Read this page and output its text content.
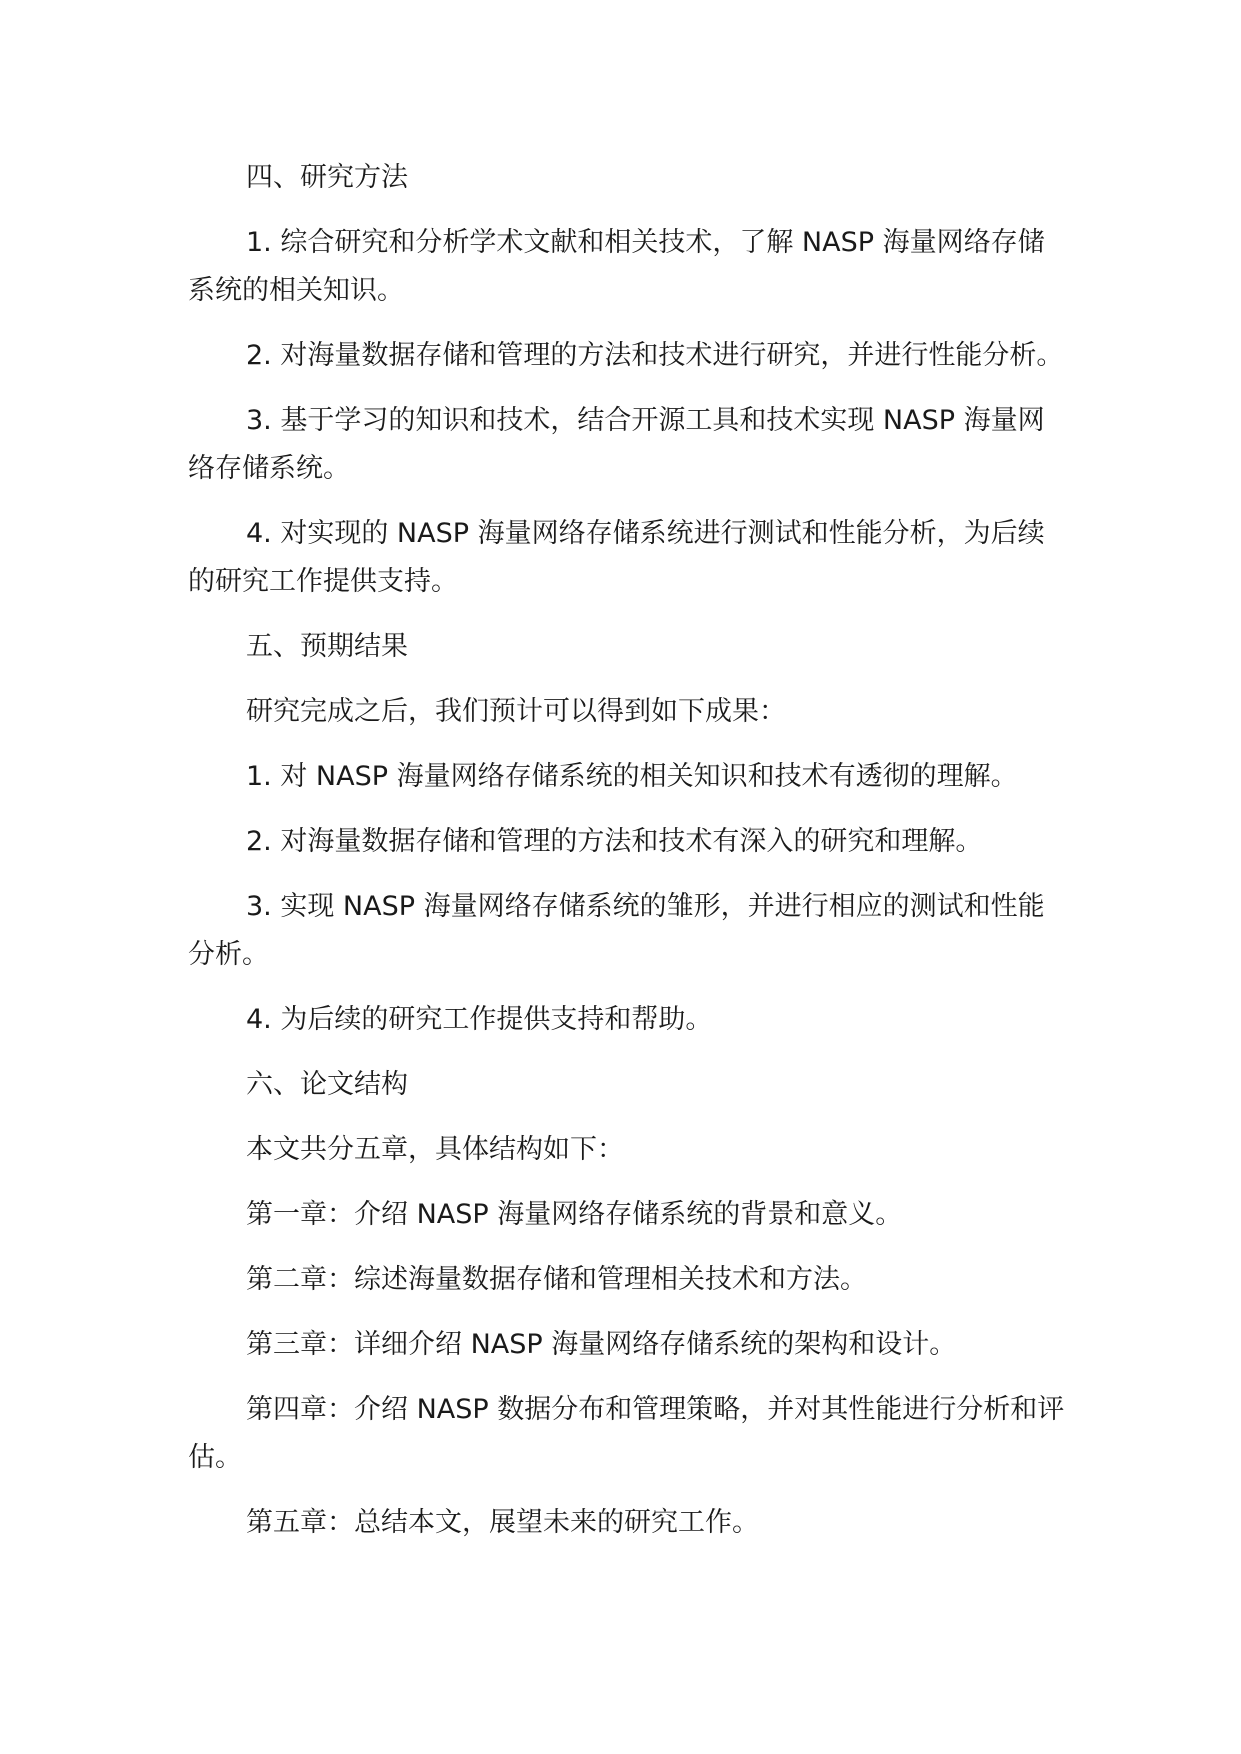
四、研究方法

1. 综合研究和分析学术文献和相关技术，了解 NASP 海量网络存储系统的相关知识。

2. 对海量数据存储和管理的方法和技术进行研究，并进行性能分析。

3. 基于学习的知识和技术，结合开源工具和技术实现 NASP 海量网络存储系统。

4. 对实现的 NASP 海量网络存储系统进行测试和性能分析，为后续的研究工作提供支持。

五、预期结果

研究完成之后，我们预计可以得到如下成果：

1. 对 NASP 海量网络存储系统的相关知识和技术有透彻的理解。

2. 对海量数据存储和管理的方法和技术有深入的研究和理解。

3. 实现 NASP 海量网络存储系统的雏形，并进行相应的测试和性能分析。

4. 为后续的研究工作提供支持和帮助。

六、论文结构

本文共分五章，具体结构如下：

第一章：介绍 NASP 海量网络存储系统的背景和意义。

第二章：综述海量数据存储和管理相关技术和方法。

第三章：详细介绍 NASP 海量网络存储系统的架构和设计。

第四章：介绍 NASP 数据分布和管理策略，并对其性能进行分析和评估。

第五章：总结本文，展望未来的研究工作。
